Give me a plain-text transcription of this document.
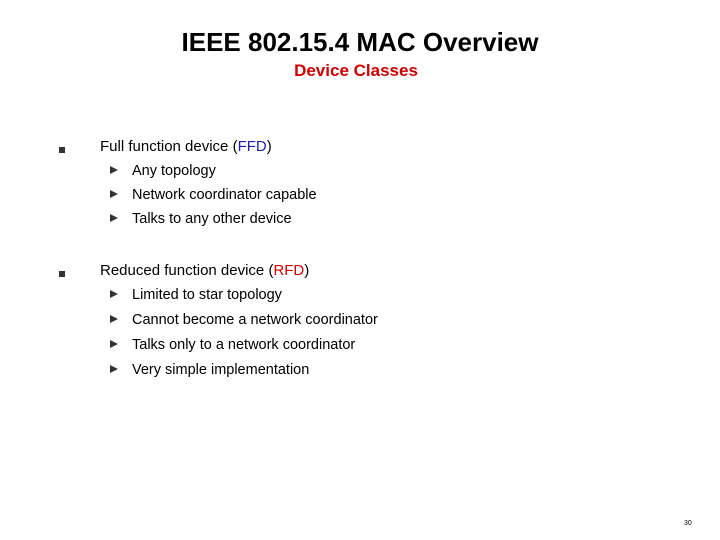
IEEE 802.15.4 MAC Overview
Device Classes
Full function device (FFD)
Any topology
Network coordinator capable
Talks to any other device
Reduced function device (RFD)
Limited to star topology
Cannot become a network coordinator
Talks only to a network coordinator
Very simple implementation
30
